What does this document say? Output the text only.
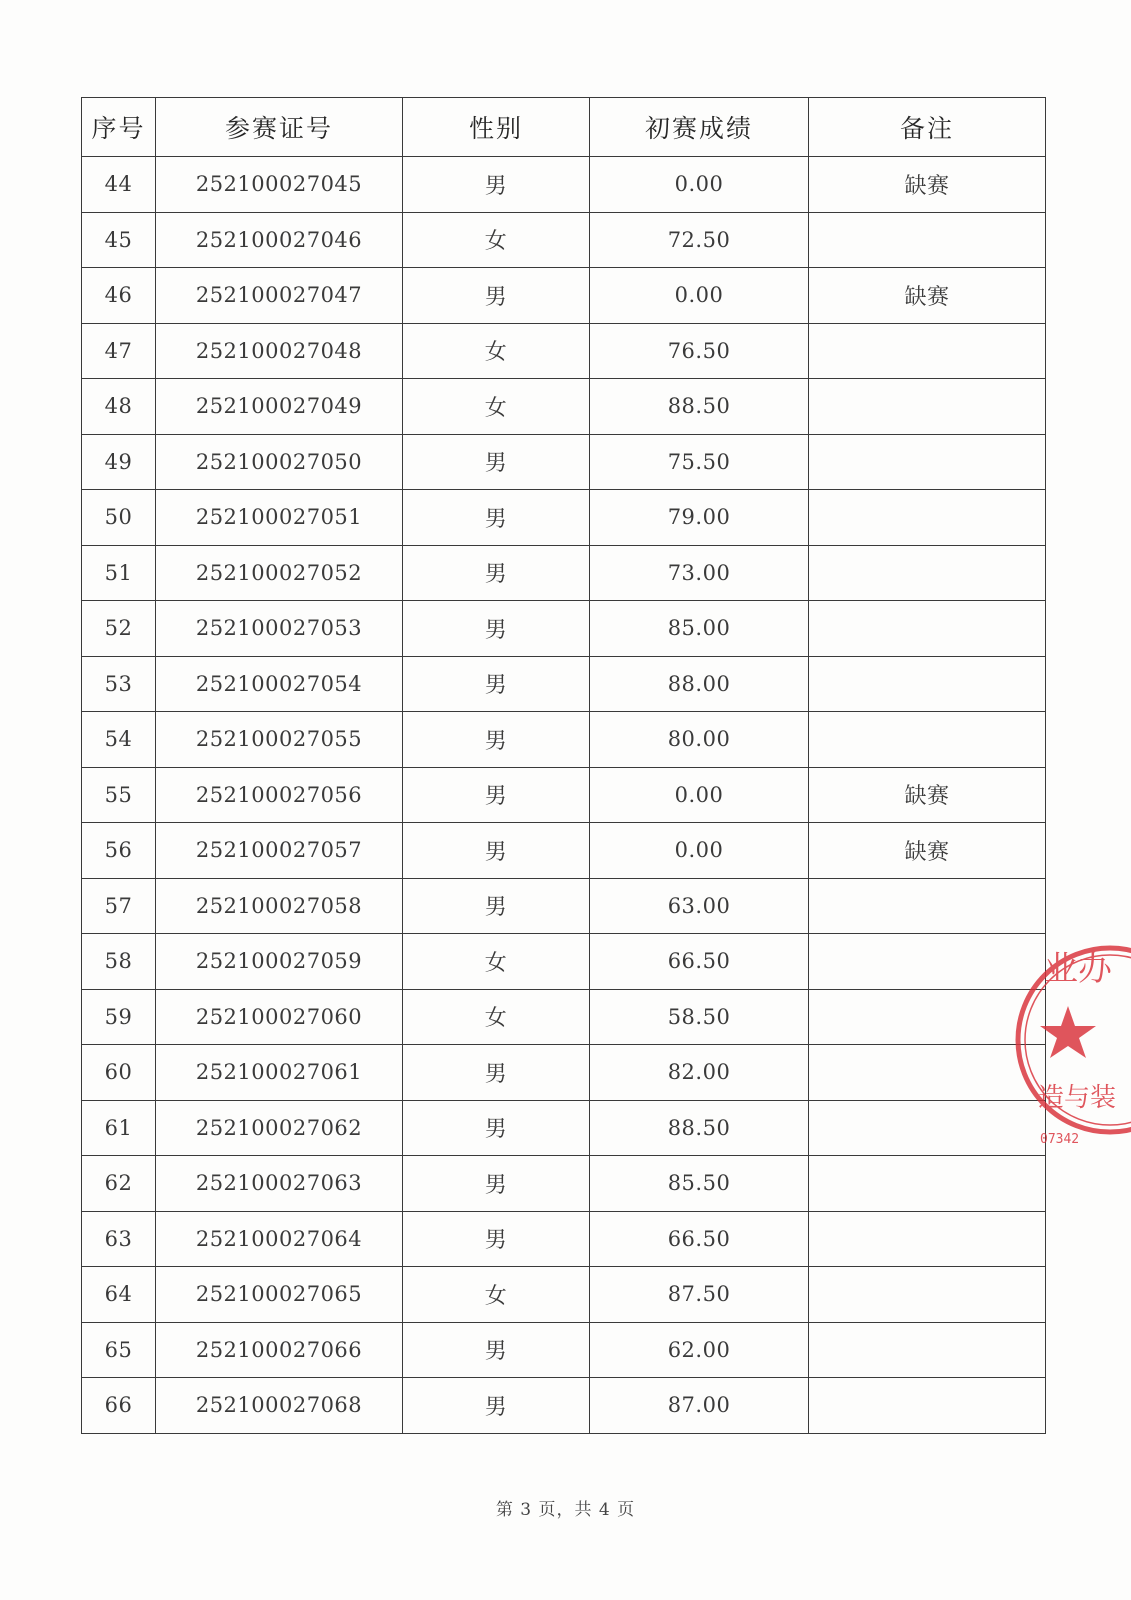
序号	参赛证号	性别	初赛成绩	备注
44	252100027045	男	0.00	缺赛
45	252100027046	女	72.50	
46	252100027047	男	0.00	缺赛
47	252100027048	女	76.50	
48	252100027049	女	88.50	
49	252100027050	男	75.50	
50	252100027051	男	79.00	
51	252100027052	男	73.00	
52	252100027053	男	85.00	
53	252100027054	男	88.00	
54	252100027055	男	80.00	
55	252100027056	男	0.00	缺赛
56	252100027057	男	0.00	缺赛
57	252100027058	男	63.00	
58	252100027059	女	66.50	
59	252100027060	女	58.50	
60	252100027061	男	82.00	
61	252100027062	男	88.50	
62	252100027063	男	85.50	
63	252100027064	男	66.50	
64	252100027065	女	87.50	
65	252100027066	男	62.00	
66	252100027068	男	87.00	
业办
造与装
07342
第 3 页，共 4 页
